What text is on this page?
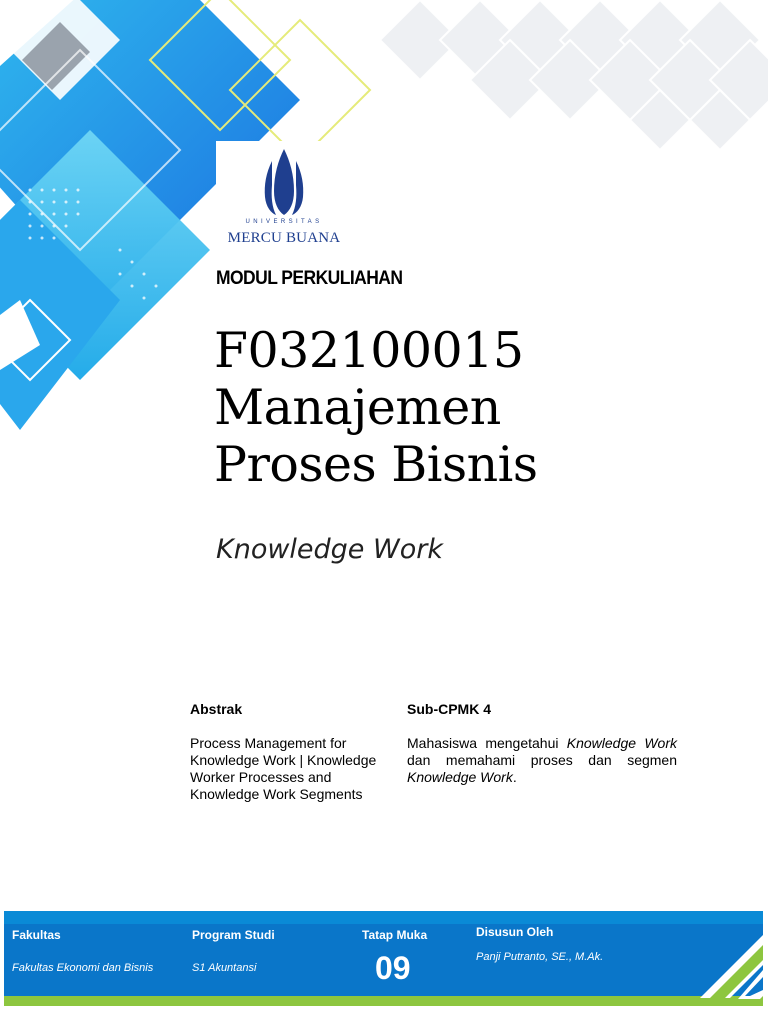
UNIVERSITAS
MERCU BUANA
MODUL PERKULIAHAN
F032100015
Manajemen
Proses Bisnis
Knowledge Work
Abstrak
Process Management for Knowledge Work | Knowledge Worker Processes and Knowledge Work Segments
Sub-CPMK 4
Mahasiswa mengetahui Knowledge Work dan memahami proses dan segmen Knowledge Work.
Fakultas
Fakultas Ekonomi dan Bisnis
Program Studi
S1 Akuntansi
Tatap Muka
09
Disusun Oleh
Panji Putranto, SE., M.Ak.
